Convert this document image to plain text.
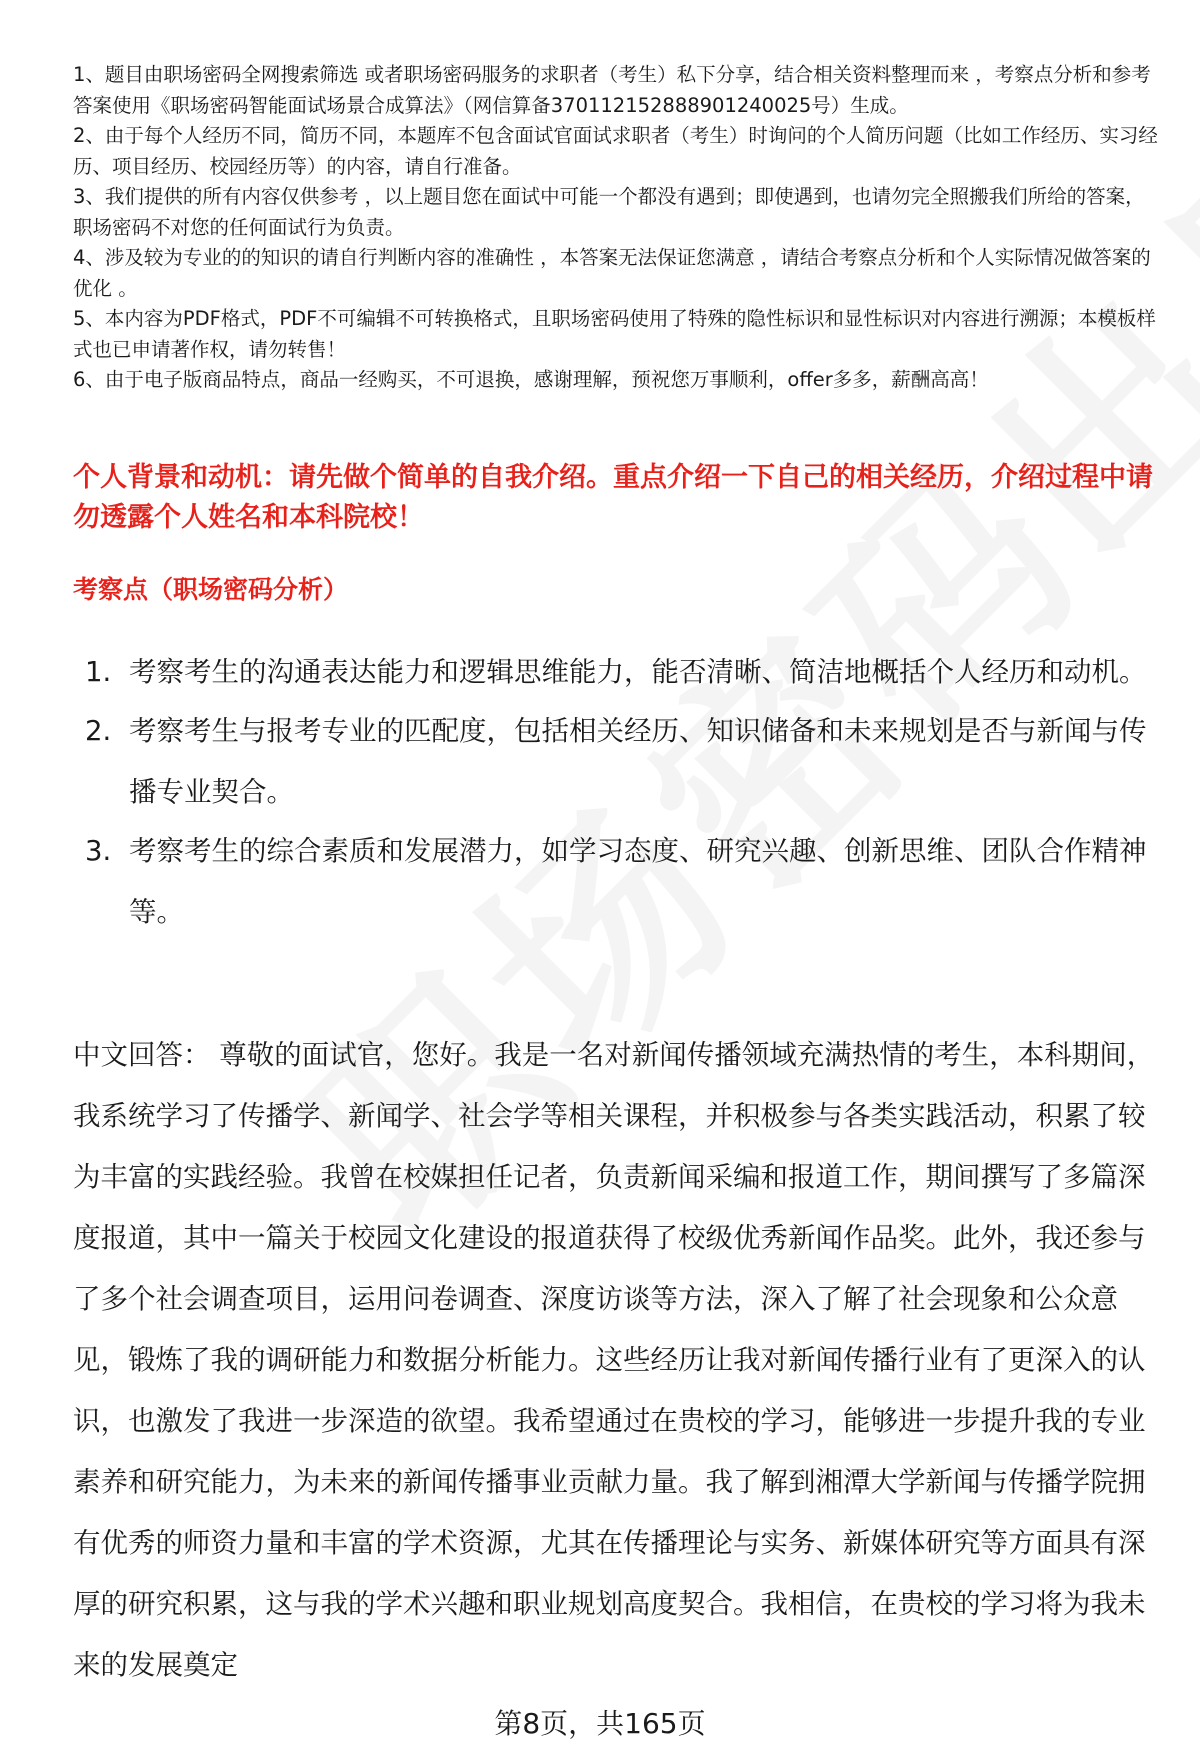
1、题目由职场密码全网搜索筛选 或者职场密码服务的求职者（考生）私下分享，结合相关资料整理而来 ，考察点分析和参考答案使用《职场密码智能面试场景合成算法》（网信算备370112152888901240025号）生成。

2、由于每个人经历不同，简历不同，本题库不包含面试官面试求职者（考生）时询问的个人简历问题（比如工作经历、实习经历、项目经历、校园经历等）的内容，请自行准备。

3、我们提供的所有内容仅供参考 ，以上题目您在面试中可能一个都没有遇到；即使遇到，也请勿完全照搬我们所给的答案，职场密码不对您的任何面试行为负责。

4、涉及较为专业的的知识的请自行判断内容的准确性 ，本答案无法保证您满意 ，请结合考察点分析和个人实际情况做答案的优化 。

5、本内容为PDF格式，PDF不可编辑不可转换格式，且职场密码使用了特殊的隐性标识和显性标识对内容进行溯源；本模板样式也已申请著作权，请勿转售！

6、由于电子版商品特点，商品一经购买，不可退换，感谢理解，预祝您万事顺利，offer多多，薪酬高高！

个人背景和动机：请先做个简单的自我介绍。重点介绍一下自己的相关经历，介绍过程中请勿透露个人姓名和本科院校！

考察点（职场密码分析）

1. 考察考生的沟通表达能力和逻辑思维能力，能否清晰、简洁地概括个人经历和动机。
2. 考察考生与报考专业的匹配度，包括相关经历、知识储备和未来规划是否与新闻与传播专业契合。
3. 考察考生的综合素质和发展潜力，如学习态度、研究兴趣、创新思维、团队合作精神等。

中文回答： 尊敬的面试官，您好。我是一名对新闻传播领域充满热情的考生，本科期间，我系统学习了传播学、新闻学、社会学等相关课程，并积极参与各类实践活动，积累了较为丰富的实践经验。我曾在校媒担任记者，负责新闻采编和报道工作，期间撰写了多篇深度报道，其中一篇关于校园文化建设的报道获得了校级优秀新闻作品奖。此外，我还参与了多个社会调查项目，运用问卷调查、深度访谈等方法，深入了解了社会现象和公众意见，锻炼了我的调研能力和数据分析能力。这些经历让我对新闻传播行业有了更深入的认识，也激发了我进一步深造的欲望。我希望通过在贵校的学习，能够进一步提升我的专业素养和研究能力，为未来的新闻传播事业贡献力量。我了解到湘潭大学新闻与传播学院拥有优秀的师资力量和丰富的学术资源，尤其在传播理论与实务、新媒体研究等方面具有深厚的研究积累，这与我的学术兴趣和职业规划高度契合。我相信，在贵校的学习将为我未来的发展奠定

第8页，共165页
